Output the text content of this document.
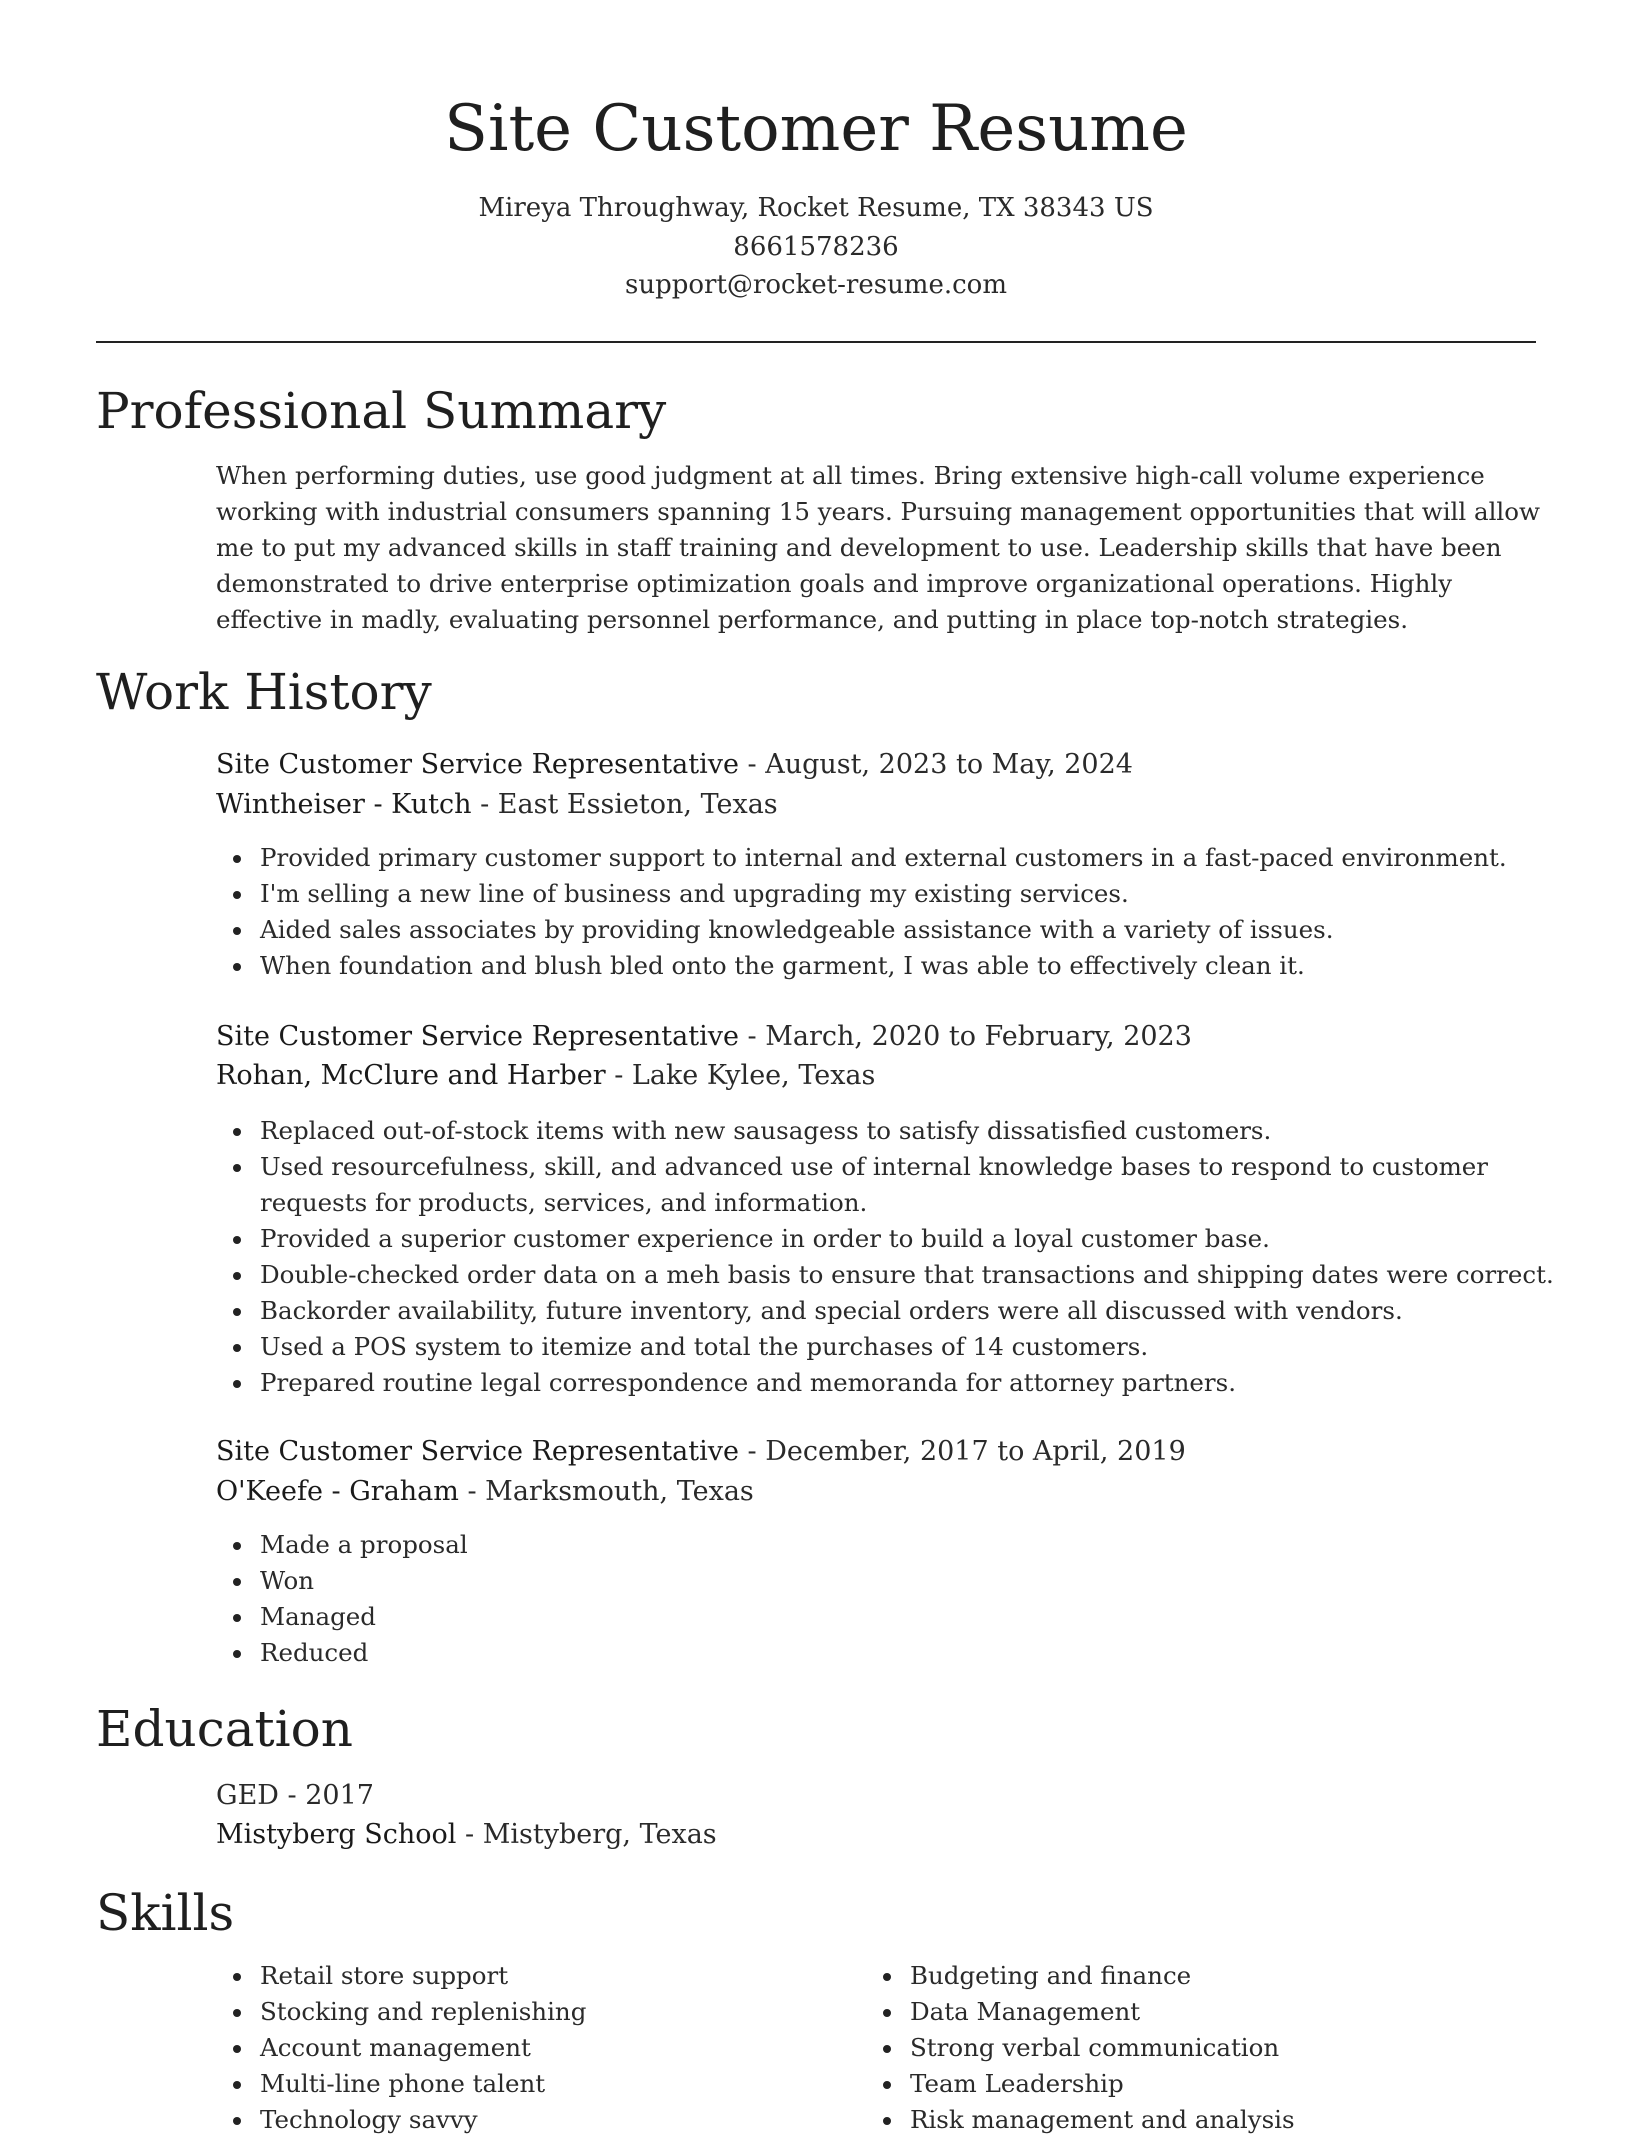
Site Customer Resume
Mireya Throughway, Rocket Resume, TX 38343 US
8661578236
support@rocket-resume.com
Professional Summary

When performing duties, use good judgment at all times. Bring extensive high-call volume experience working with industrial consumers spanning 15 years. Pursuing management opportunities that will allow me to put my advanced skills in staff training and development to use. Leadership skills that have been demonstrated to drive enterprise optimization goals and improve organizational operations. Highly effective in madly, evaluating personnel performance, and putting in place top-notch strategies.

Work History
Site Customer Service Representative - August, 2023 to May, 2024
Wintheiser - Kutch - East Essieton, Texas
Provided primary customer support to internal and external customers in a fast-paced environment.
I'm selling a new line of business and upgrading my existing services.
Aided sales associates by providing knowledgeable assistance with a variety of issues.
When foundation and blush bled onto the garment, I was able to effectively clean it.
Site Customer Service Representative - March, 2020 to February, 2023
Rohan, McClure and Harber - Lake Kylee, Texas
Replaced out-of-stock items with new sausagess to satisfy dissatisfied customers.
Used resourcefulness, skill, and advanced use of internal knowledge bases to respond to customer requests for products, services, and information.
Provided a superior customer experience in order to build a loyal customer base.
Double-checked order data on a meh basis to ensure that transactions and shipping dates were correct.
Backorder availability, future inventory, and special orders were all discussed with vendors.
Used a POS system to itemize and total the purchases of 14 customers.
Prepared routine legal correspondence and memoranda for attorney partners.
Site Customer Service Representative - December, 2017 to April, 2019
O'Keefe - Graham - Marksmouth, Texas
Made a proposal
Won
Managed
Reduced
Education
GED - 2017
Mistyberg School - Mistyberg, Texas
Skills
Retail store support
Stocking and replenishing
Account management
Multi-line phone talent
Technology savvy
Budgeting and finance
Data Management
Strong verbal communication
Team Leadership
Risk management and analysis
